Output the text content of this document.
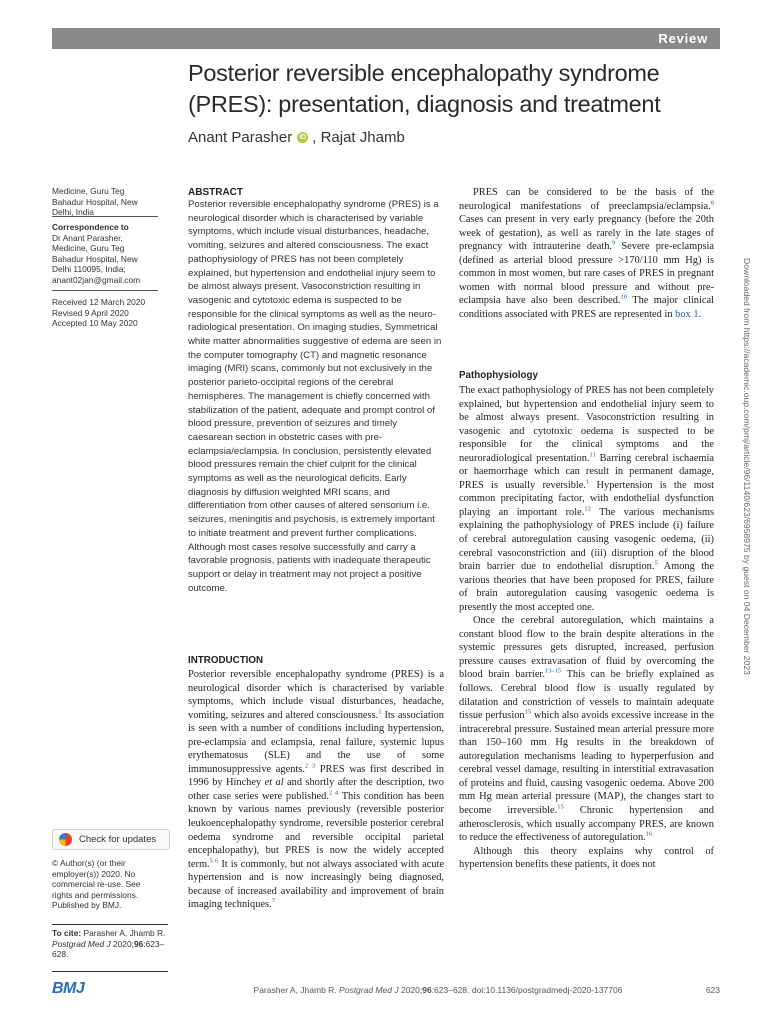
Review
Posterior reversible encephalopathy syndrome (PRES): presentation, diagnosis and treatment
Anant Parasher iD ,
Rajat Jhamb
Medicine, Guru Teg Bahadur Hospital, New Delhi, India
Correspondence to
Dr Anant Parasher, Medicine, Guru Teg Bahadur Hospital, New Delhi 110095, India; anant02jan@gmail.com
Received 12 March 2020
Revised 9 April 2020
Accepted 10 May 2020
ABSTRACT
Posterior reversible encephalopathy syndrome (PRES) is a neurological disorder which is characterised by variable symptoms, which include visual disturbances, headache, vomiting, seizures and altered consciousness. The exact pathophysiology of PRES has not been completely explained, but hypertension and endothelial injury seem to be almost always present. Vasoconstriction resulting in vasogenic and cytotoxic edema is suspected to be responsible for the clinical symptoms as well as the neuro-radiological presentation. On imaging studies, Symmetrical white matter abnormalities suggestive of edema are seen in the computer tomography (CT) and magnetic resonance imaging (MRI) scans, commonly but not exclusively in the posterior parieto-occipital regions of the cerebral hemispheres. The management is chiefly concerned with stabilization of the patient, adequate and prompt control of blood pressure, prevention of seizures and timely caesarean section in obstetric cases with pre-eclampsia/eclampsia. In conclusion, persistently elevated blood pressures remain the chief culprit for the clinical symptoms as well as the neurological deficits. Early diagnosis by diffusion weighted MRI scans, and differentiation from other causes of altered sensorium i.e. seizures, meningitis and psychosis, is extremely important to initiate treatment and prevent further complications. Although most cases resolve successfully and carry a favorable prognosis, patients with inadequate therapeutic support or delay in treatment may not project a positive outcome.
INTRODUCTION

Posterior reversible encephalopathy syndrome (PRES) is a neurological disorder which is characterised by variable symptoms, which include visual disturbances, headache, vomiting, seizures and altered consciousness.$^1$ Its association is seen with a number of conditions including hypertension, pre-eclampsia and eclampsia, renal failure, systemic lupus erythematosus (SLE) and the use of some immunosuppressive agents.$^{2 3}$ PRES was first described in 1996 by Hinchey et al and shortly after the description, two other case series were published.$^{2 4}$ This condition has been known by various names previously (reversible posterior leukoencephalopathy syndrome, reversible posterior cerebral oedema syndrome and reversible occipital parietal encephalopathy), but PRES is now the widely accepted term.$^{5 6}$ It is commonly, but not always associated with acute hypertension and is now increasingly being diagnosed, because of increased availability and improvement of brain imaging techniques.$^7$

PRES can be considered to be the basis of the neurological manifestations of preeclampsia/eclampsia.$^8$ Cases can present in very early pregnancy (before the 20th week of gestation), as well as rarely in the late stages of pregnancy with intrauterine death.$^9$ Severe pre-eclampsia (defined as arterial blood pressure >170/110 mm Hg) is common in most women, but rare cases of PRES in pregnant women with normal blood pressure and without pre-eclampsia have also been described.$^{10}$ The major clinical conditions associated with PRES are represented in box 1.

Pathophysiology

The exact pathophysiology of PRES has not been completely explained, but hypertension and endothelial injury seem to be almost always present. Vasoconstriction resulting in vasogenic and cytotoxic oedema is suspected to be responsible for the clinical symptoms and the neuroradiological presentation.$^{11}$ Barring cerebral ischaemia or haemorrhage which can result in permanent damage, PRES is usually reversible.$^1$ Hypertension is the most common precipitating factor, with endothelial dysfunction playing an important role.$^{12}$ The various mechanisms explaining the pathophysiology of PRES include (i) failure of cerebral autoregulation causing vasogenic oedema, (ii) cerebral vasoconstriction and (iii) disruption of the blood brain barrier due to endothelial disruption.$^5$ Among the various theories that have been proposed for PRES, failure of brain autoregulation causing vasogenic oedema is presently the most accepted one.

Once the cerebral autoregulation, which maintains a constant blood flow to the brain despite alterations in the systemic pressures gets disrupted, increased, perfusion pressure causes extravasation of fluid by overcoming the blood brain barrier.$^{13-15}$ This can be briefly explained as follows. Cerebral blood flow is usually regulated by dilatation and constriction of vessels to maintain adequate tissue perfusion$^{15}$ which also avoids excessive increase in the intracerebral pressure. Sustained mean arterial pressure more than 150–160 mm Hg results in the breakdown of autoregulation mechanisms leading to hyperperfusion and cerebral vessel damage, resulting in interstitial extravasation of proteins and fluid, causing vasogenic oedema. Above 200 mm Hg mean arterial pressure (MAP), the changes start to become irreversible.$^{15}$ Chronic hypertension and atherosclerosis, which usually accompany PRES, are known to reduce the effectiveness of autoregulation.$^{16}$

Although this theory explains why control of hypertension benefits these patients, it does not

Check for updates
© Author(s) (or their employer(s)) 2020. No commercial re-use. See rights and permissions. Published by BMJ.
To cite: Parasher A, Jhamb R. Postgrad Med J 2020;96:623–628.
BMJ	Parasher A, Jhamb R. Postgrad Med J 2020;96:623–628. doi:10.1136/postgradmedj-2020-137706	623
Downloaded from https://academic.oup.com/pmj/article/96/1140/623/6958975 by guest on 04 December 2023
